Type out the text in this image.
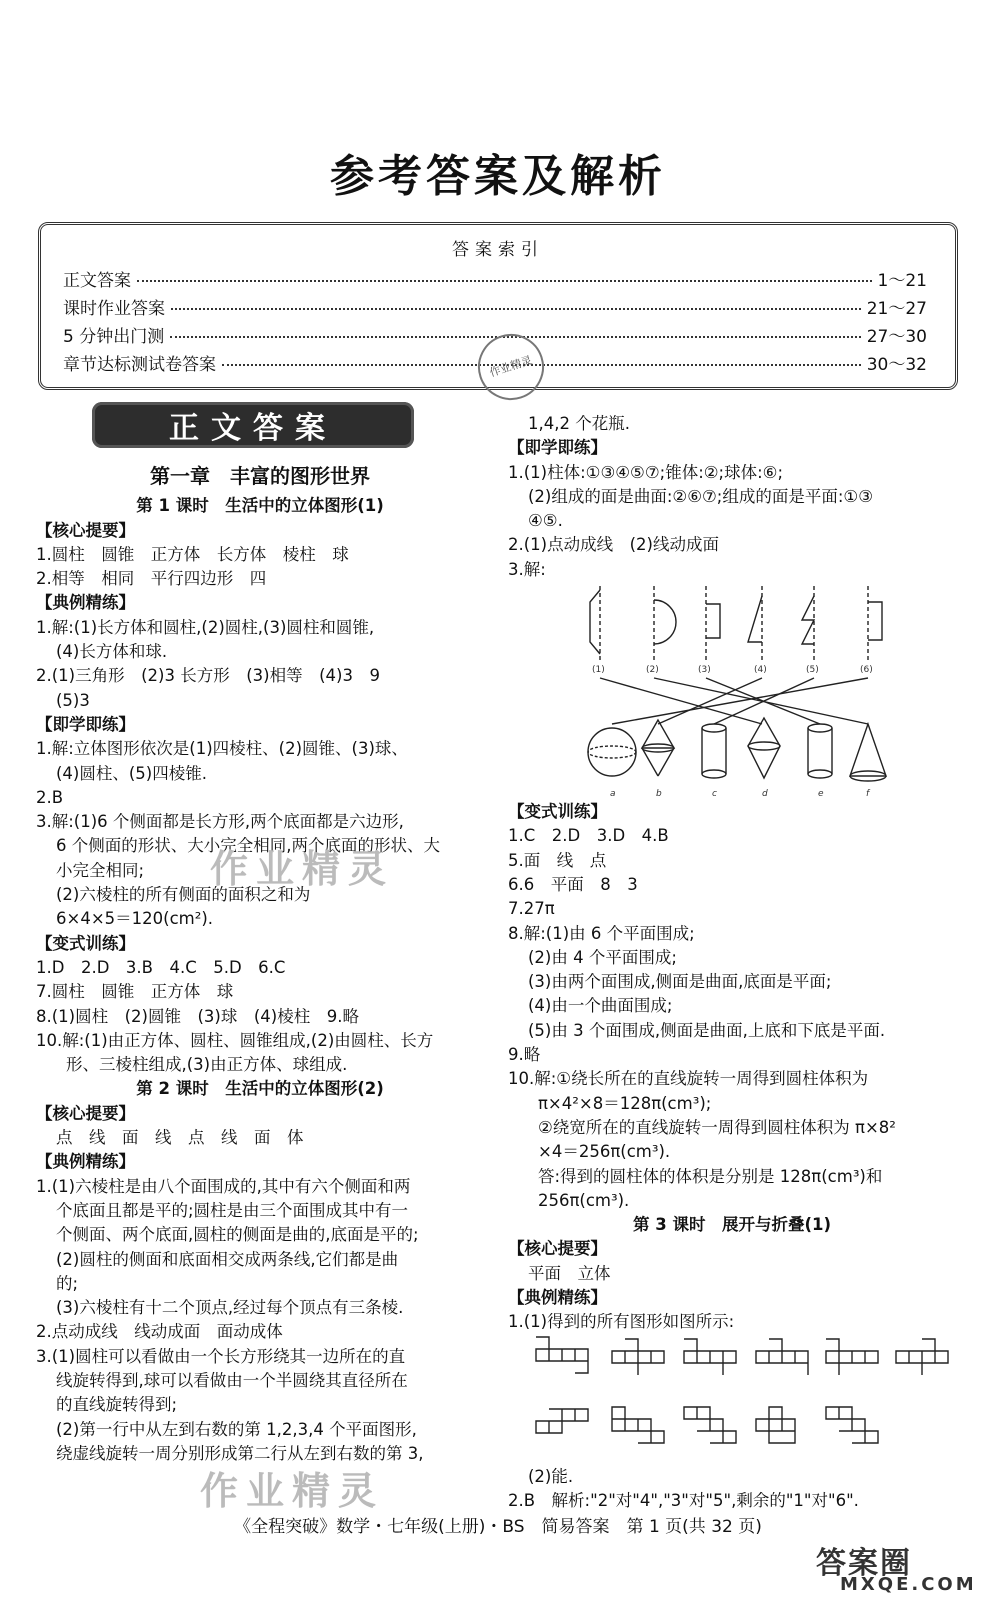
参考答案及解析
答案索引
正文答案	1～21
课时作业答案	21～27
5 分钟出门测	27～30
章节达标测试卷答案	30～32
作业精灵
正文答案

第一章　丰富的图形世界

第 1 课时　生活中的立体图形(1)

【核心提要】

1.圆柱　圆锥　正方体　长方体　棱柱　球

2.相等　相同　平行四边形　四

【典例精练】

1.解:(1)长方体和圆柱,(2)圆柱,(3)圆柱和圆锥,

(4)长方体和球.

2.(1)三角形　(2)3 长方形　(3)相等　(4)3　9

(5)3

【即学即练】

1.解:立体图形依次是(1)四棱柱、(2)圆锥、(3)球、

(4)圆柱、(5)四棱锥.

2.B

3.解:(1)6 个侧面都是长方形,两个底面都是六边形,

6 个侧面的形状、大小完全相同,两个底面的形状、大

小完全相同;

(2)六棱柱的所有侧面的面积之和为

6×4×5＝120(cm²).

【变式训练】

1.D　2.D　3.B　4.C　5.D　6.C

7.圆柱　圆锥　正方体　球

8.(1)圆柱　(2)圆锥　(3)球　(4)棱柱　9.略

10.解:(1)由正方体、圆柱、圆锥组成,(2)由圆柱、长方

形、三棱柱组成,(3)由正方体、球组成.

第 2 课时　生活中的立体图形(2)

【核心提要】

点　线　面　线　点　线　面　体

【典例精练】

1.(1)六棱柱是由八个面围成的,其中有六个侧面和两

个底面且都是平的;圆柱是由三个面围成其中有一

个侧面、两个底面,圆柱的侧面是曲的,底面是平的;

(2)圆柱的侧面和底面相交成两条线,它们都是曲

的;

(3)六棱柱有十二个顶点,经过每个顶点有三条棱.

2.点动成线　线动成面　面动成体

3.(1)圆柱可以看做由一个长方形绕其一边所在的直

线旋转得到,球可以看做由一个半圆绕其直径所在

的直线旋转得到;

(2)第一行中从左到右数的第 1,2,3,4 个平面图形,

绕虚线旋转一周分别形成第二行从左到右数的第 3,

1,4,2 个花瓶.

【即学即练】

1.(1)柱体:①③④⑤⑦;锥体:②;球体:⑥;

(2)组成的面是曲面:②⑥⑦;组成的面是平面:①③

④⑤.

2.(1)点动成线　(2)线动成面

3.解:

(1)	(2)	(3)	(4)	(5)	(6)
a	b	c	d	e	f

【变式训练】

1.C　2.D　3.D　4.B

5.面　线　点

6.6　平面　8　3

7.27π

8.解:(1)由 6 个平面围成;

(2)由 4 个平面围成;

(3)由两个面围成,侧面是曲面,底面是平面;

(4)由一个曲面围成;

(5)由 3 个面围成,侧面是曲面,上底和下底是平面.

9.略

10.解:①绕长所在的直线旋转一周得到圆柱体积为

π×4²×8＝128π(cm³);

②绕宽所在的直线旋转一周得到圆柱体积为 π×8²

×4＝256π(cm³).

答:得到的圆柱体的体积是分别是 128π(cm³)和

256π(cm³).

第 3 课时　展开与折叠(1)

【核心提要】

平面　立体

【典例精练】

1.(1)得到的所有图形如图所示:

(2)能.

2.B　解析:"2"对"4","3"对"5",剩余的"1"对"6".

作业精灵
作业精灵
《全程突破》数学・七年级(上册)・BS　简易答案　第 1 页(共 32 页)
答案圈
MXQE.COM
